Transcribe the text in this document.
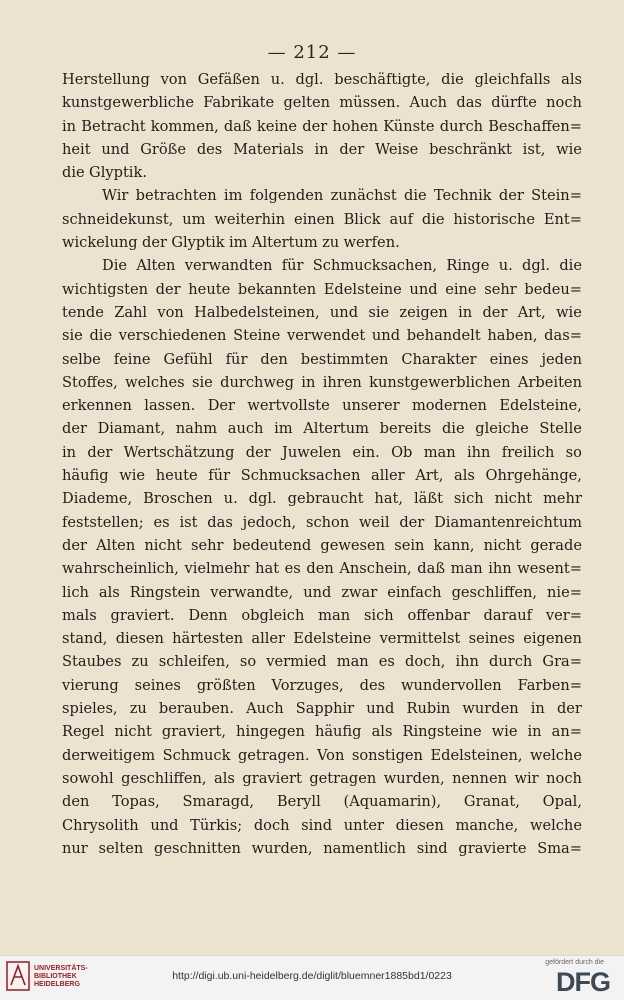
— 212 —
Herstellung von Gefäßen u. dgl. beschäftigte, die gleichfalls als
kunstgewerbliche Fabrikate gelten müssen. Auch das dürfte noch
in Betracht kommen, daß keine der hohen Künste durch Beschaffen=
heit und Größe des Materials in der Weise beschränkt ist, wie
die Glyptik.
Wir betrachten im folgenden zunächst die Technik der Stein=
schneidekunst, um weiterhin einen Blick auf die historische Ent=
wickelung der Glyptik im Altertum zu werfen.
Die Alten verwandten für Schmucksachen, Ringe u. dgl. die
wichtigsten der heute bekannten Edelsteine und eine sehr bedeu=
tende Zahl von Halbedelsteinen, und sie zeigen in der Art, wie
sie die verschiedenen Steine verwendet und behandelt haben, das=
selbe feine Gefühl für den bestimmten Charakter eines jeden
Stoffes, welches sie durchweg in ihren kunstgewerblichen Arbeiten
erkennen lassen. Der wertvollste unserer modernen Edelsteine,
der Diamant, nahm auch im Altertum bereits die gleiche Stelle
in der Wertschätzung der Juwelen ein. Ob man ihn freilich so
häufig wie heute für Schmucksachen aller Art, als Ohrgehänge,
Diademe, Broschen u. dgl. gebraucht hat, läßt sich nicht mehr
feststellen; es ist das jedoch, schon weil der Diamantenreichtum
der Alten nicht sehr bedeutend gewesen sein kann, nicht gerade
wahrscheinlich, vielmehr hat es den Anschein, daß man ihn wesent=
lich als Ringstein verwandte, und zwar einfach geschliffen, nie=
mals graviert. Denn obgleich man sich offenbar darauf ver=
stand, diesen härtesten aller Edelsteine vermittelst seines eigenen
Staubes zu schleifen, so vermied man es doch, ihn durch Gra=
vierung seines größten Vorzuges, des wundervollen Farben=
spieles, zu berauben. Auch Sapphir und Rubin wurden in der
Regel nicht graviert, hingegen häufig als Ringsteine wie in an=
derweitigem Schmuck getragen. Von sonstigen Edelsteinen, welche
sowohl geschliffen, als graviert getragen wurden, nennen wir noch
den Topas, Smaragd, Beryll (Aquamarin), Granat, Opal,
Chrysolith und Türkis; doch sind unter diesen manche, welche
nur selten geschnitten wurden, namentlich sind gravierte Sma=
UNIVERSITÄTS-
BIBLIOTHEK
HEIDELBERG
http://digi.ub.uni-heidelberg.de/diglit/bluemner1885bd1/0223
gefördert durch die
DFG
